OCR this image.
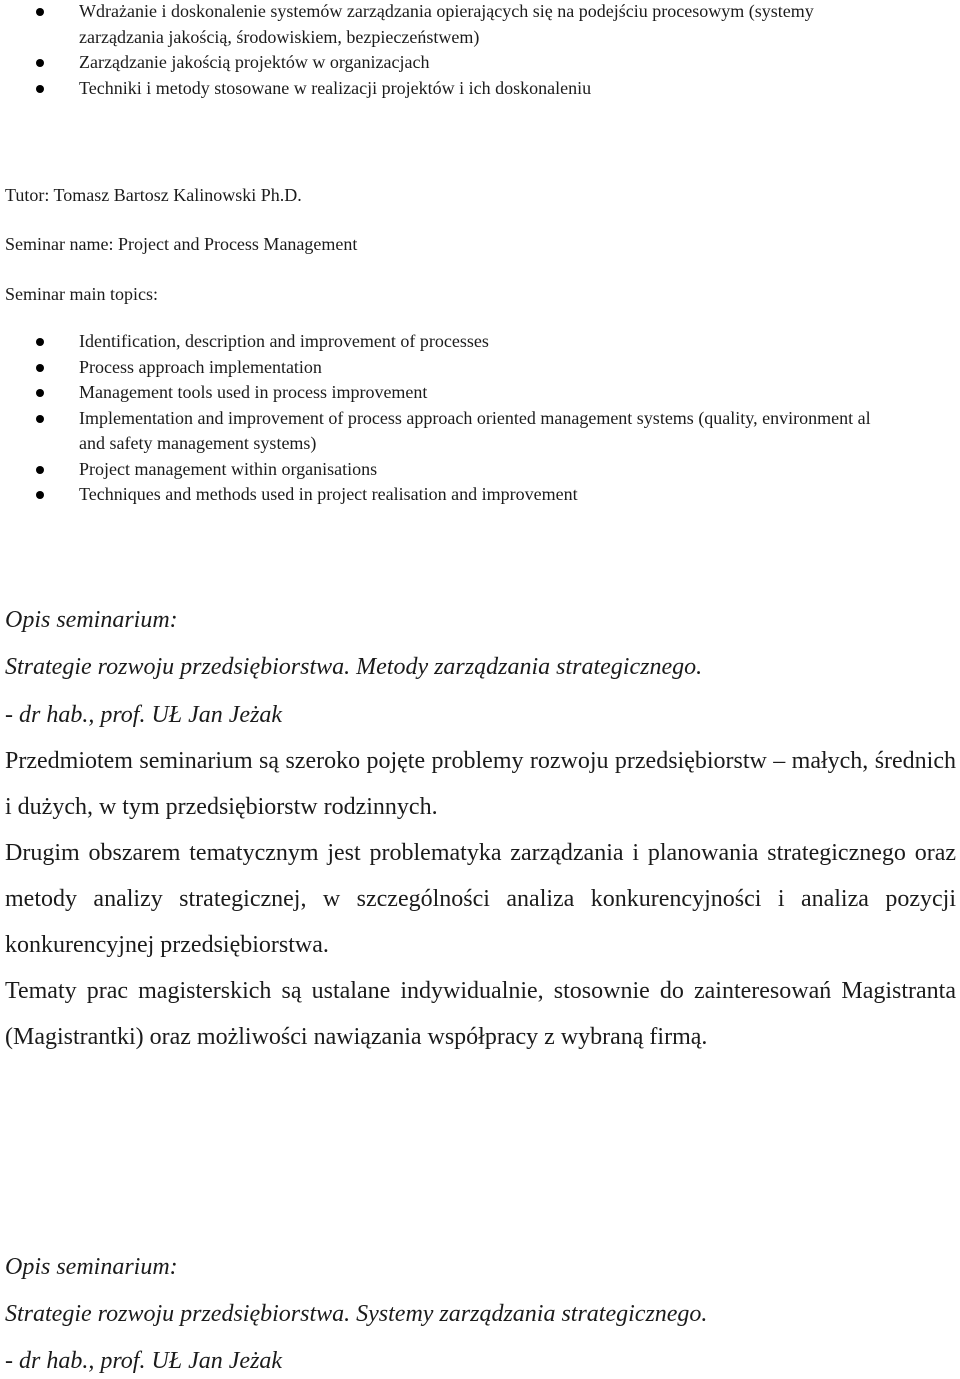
Wdrażanie i doskonalenie systemów zarządzania opierających się na podejściu procesowym (systemy zarządzania jakością, środowiskiem, bezpieczeństwem)
Zarządzanie jakością projektów w organizacjach
Techniki i metody stosowane w realizacji projektów i ich doskonaleniu

Tutor: Tomasz Bartosz Kalinowski Ph.D.

Seminar name: Project and Process Management

Seminar main topics:

Identification, description and improvement of processes
Process approach implementation
Management tools used in process improvement
Implementation and improvement of process approach oriented management systems (quality, environment al and safety management systems)
Project management within organisations
Techniques and methods used in project realisation and improvement

Opis seminarium:

Strategie rozwoju przedsiębiorstwa. Metody zarządzania strategicznego.

- dr hab., prof. UŁ Jan Jeżak

Przedmiotem seminarium są szeroko pojęte problemy rozwoju przedsiębiorstw – małych, średnich i dużych, w tym przedsiębiorstw rodzinnych.

Drugim obszarem tematycznym jest problematyka zarządzania i planowania strategicznego oraz metody analizy strategicznej, w szczególności analiza konkurencyjności i analiza pozycji konkurencyjnej przedsiębiorstwa.

Tematy prac magisterskich są ustalane indywidualnie, stosownie do zainteresowań Magistranta (Magistrantki) oraz możliwości nawiązania współpracy z wybraną firmą.

Opis seminarium:

Strategie rozwoju przedsiębiorstwa. Systemy zarządzania strategicznego.

- dr hab., prof. UŁ Jan Jeżak
